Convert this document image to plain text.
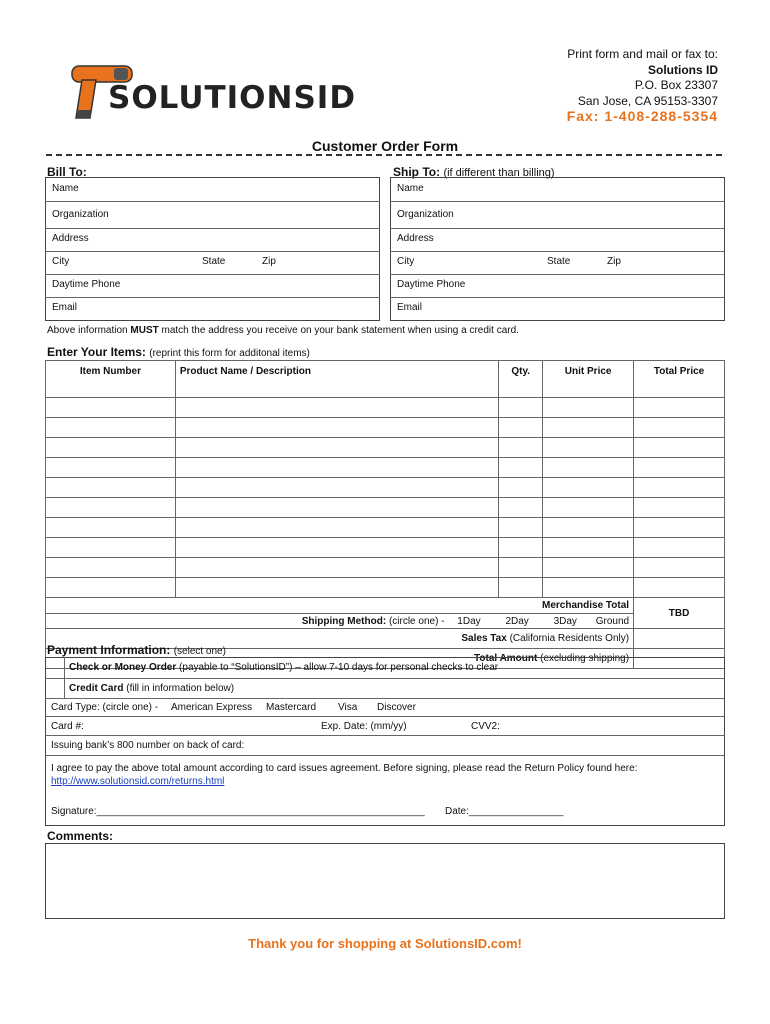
SOLUTIONSID
Print form and mail or fax to:
Solutions ID
P.O. Box 23307
San Jose, CA 95153-3307
Fax: 1-408-288-5354
Customer Order Form
Bill To:	Ship To: (if different than billing)
Name
Organization
Address
City	State	Zip
Daytime Phone
Email
Name
Organization
Address
City	State	Zip
Daytime Phone
Email
Above information MUST match the address you receive on your bank statement when using a credit card.
Enter Your Items: (reprint this form for additonal items)
Item Number	Product Name / Description	Qty.	Unit Price	Total Price

Merchandise Total				TBD
Shipping Method: (circle one) - 1Day 2Day 3Day Ground				
Sales Tax (California Residents Only)				
Total Amount (excluding shipping)				
Payment Information: (select one)
Check or Money Order (payable to “SolutionsID”) – allow 7-10 days for personal checks to clear
Credit Card (fill in information below)
Card Type: (circle one) - American Express Mastercard Visa Discover
Card #:	Exp. Date: (mm/yy)	CVV2:
Issuing bank’s 800 number on back of card:
I agree to pay the above total amount according to card issues agreement. Before signing, please read the Return Policy found here:
http://www.solutionsid.com/returns.html
Signature:___________________________________________________________ Date:_________________
Comments:
Thank you for shopping at SolutionsID.com!
